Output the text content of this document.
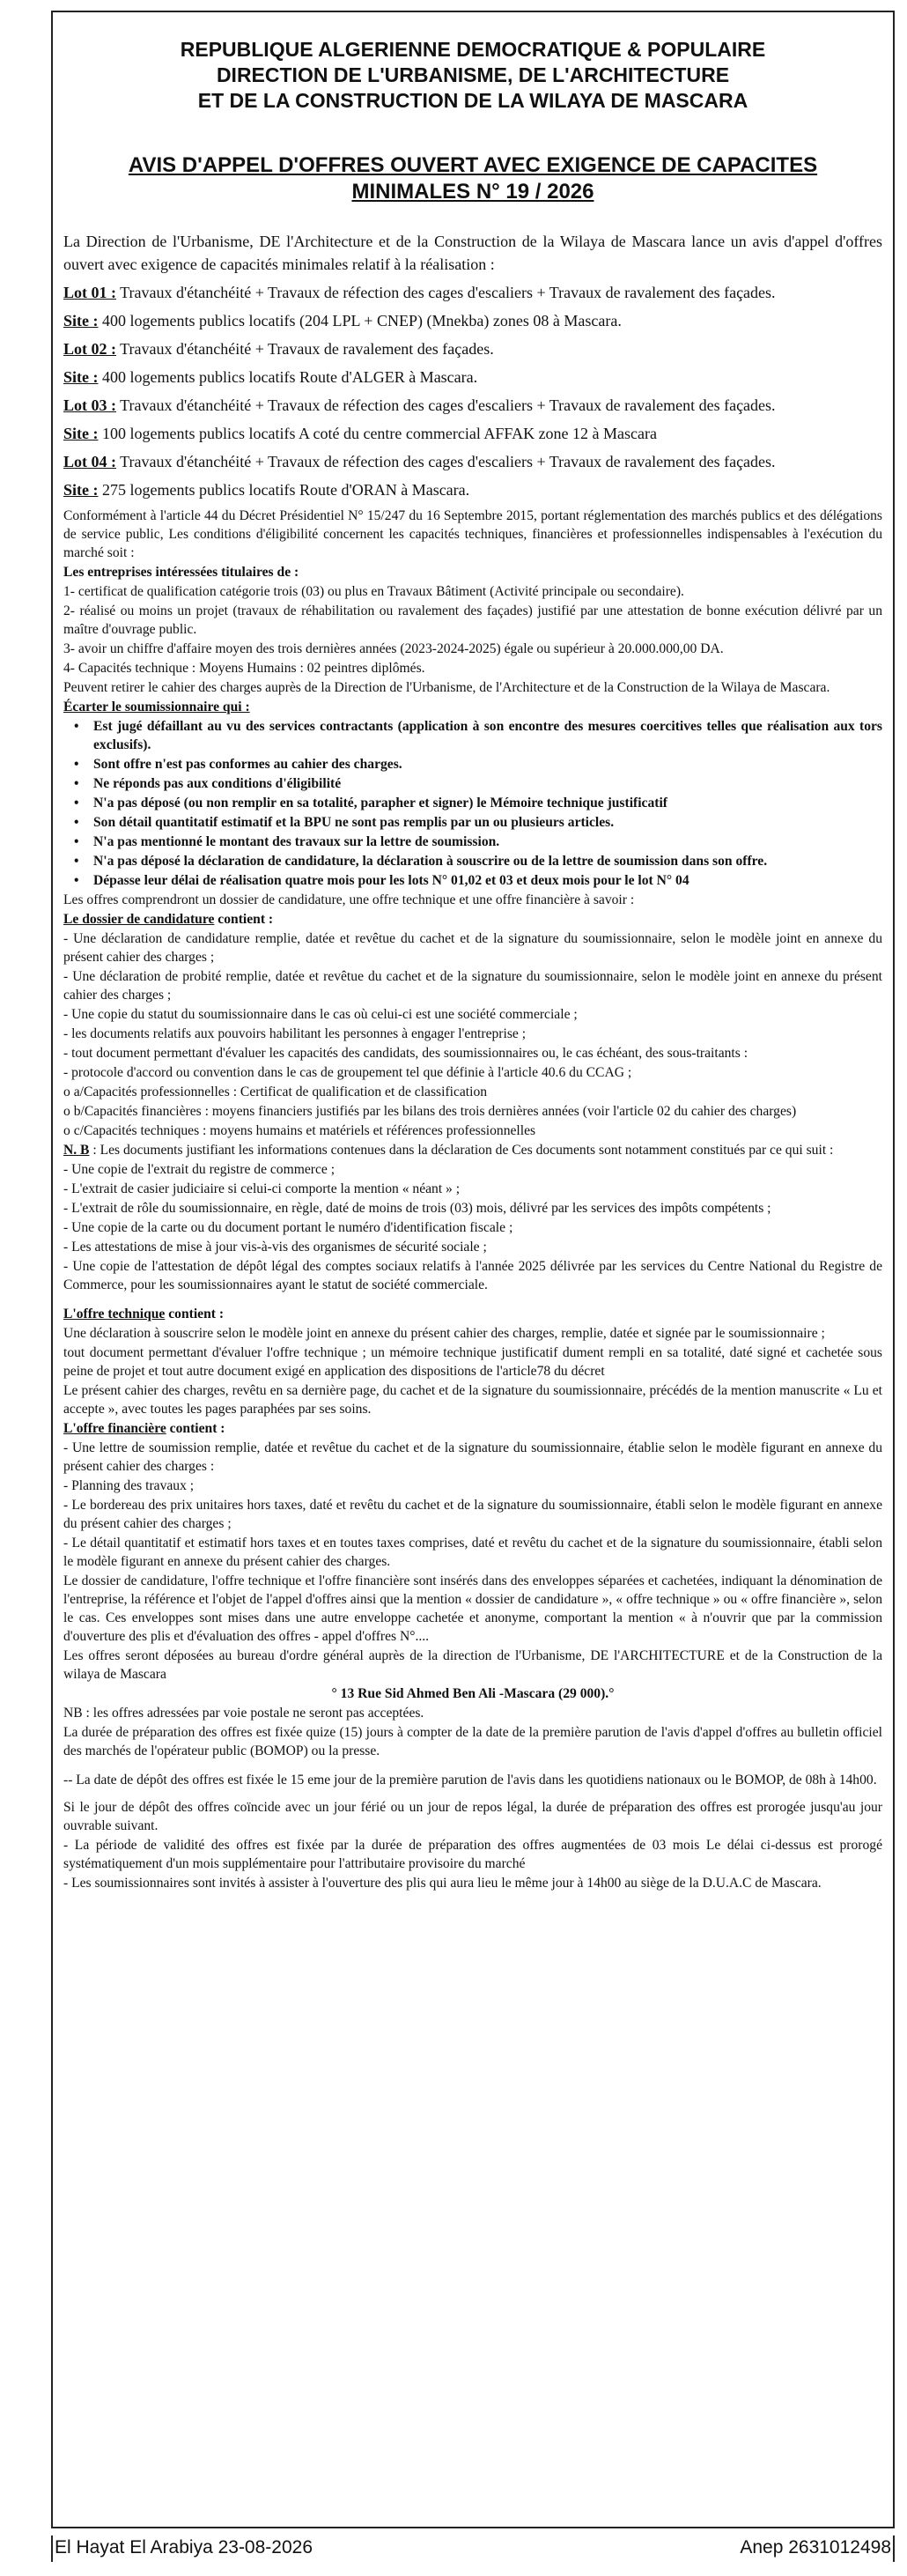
REPUBLIQUE ALGERIENNE DEMOCRATIQUE & POPULAIRE
DIRECTION DE L'URBANISME, DE L'ARCHITECTURE
ET DE LA CONSTRUCTION DE LA WILAYA DE MASCARA
AVIS D'APPEL D'OFFRES OUVERT AVEC EXIGENCE DE CAPACITES
MINIMALES N° 19 / 2026

La Direction de l'Urbanisme, DE l'Architecture et de la Construction de la Wilaya de Mascara lance un avis d'appel d'offres ouvert avec exigence de capacités minimales relatif à la réalisation :

Lot 01 : Travaux d'étanchéité + Travaux de réfection des cages d'escaliers + Travaux de ravalement des façades.
Site : 400 logements publics locatifs (204 LPL + CNEP) (Mnekba) zones 08 à Mascara.
Lot 02 : Travaux d'étanchéité + Travaux de ravalement des façades.
Site : 400 logements publics locatifs Route d'ALGER à Mascara.
Lot 03 : Travaux d'étanchéité + Travaux de réfection des cages d'escaliers + Travaux de ravalement des façades.
Site : 100 logements publics locatifs A coté du centre commercial AFFAK zone 12 à Mascara
Lot 04 : Travaux d'étanchéité + Travaux de réfection des cages d'escaliers + Travaux de ravalement des façades.
Site : 275 logements publics locatifs Route d'ORAN à Mascara.

Conformément à l'article 44 du Décret Présidentiel N° 15/247 du 16 Septembre 2015, portant réglementation des marchés publics et des délégations de service public, Les conditions d'éligibilité concernent les capacités techniques, financières et professionnelles indispensables à l'exécution du marché soit :

Les entreprises intéressées titulaires de :

1- certificat de qualification catégorie trois (03) ou plus en Travaux Bâtiment (Activité principale ou secondaire).

2- réalisé ou moins un projet (travaux de réhabilitation ou ravalement des façades) justifié par une attestation de bonne exécution délivré par un maître d'ouvrage public.

3- avoir un chiffre d'affaire moyen des trois dernières années (2023-2024-2025) égale ou supérieur à 20.000.000,00 DA.

4- Capacités technique : Moyens Humains : 02 peintres diplômés.

Peuvent retirer le cahier des charges auprès de la Direction de l'Urbanisme, de l'Architecture et de la Construction de la Wilaya de Mascara.

Écarter le soumissionnaire qui :

• Est jugé défaillant au vu des services contractants (application à son encontre des mesures coercitives telles que réalisation aux tors exclusifs).

• Sont offre n'est pas conformes au cahier des charges.

• Ne réponds pas aux conditions d'éligibilité

• N'a pas déposé (ou non remplir en sa totalité, parapher et signer) le Mémoire technique justificatif

• Son détail quantitatif estimatif et la BPU ne sont pas remplis par un ou plusieurs articles.

• N'a pas mentionné le montant des travaux sur la lettre de soumission.

• N'a pas déposé la déclaration de candidature, la déclaration à souscrire ou de la lettre de soumission dans son offre.

• Dépasse leur délai de réalisation quatre mois pour les lots N° 01,02 et 03 et deux mois pour le lot N° 04

Les offres comprendront un dossier de candidature, une offre technique et une offre financière à savoir :

Le dossier de candidature contient :

- Une déclaration de candidature remplie, datée et revêtue du cachet et de la signature du soumissionnaire, selon le modèle joint en annexe du présent cahier des charges ;

- Une déclaration de probité remplie, datée et revêtue du cachet et de la signature du soumissionnaire, selon le modèle joint en annexe du présent cahier des charges ;

- Une copie du statut du soumissionnaire dans le cas où celui-ci est une société commerciale ;

- les documents relatifs aux pouvoirs habilitant les personnes à engager l'entreprise ;

- tout document permettant d'évaluer les capacités des candidats, des soumissionnaires ou, le cas échéant, des sous-traitants :

- protocole d'accord ou convention dans le cas de groupement tel que définie à l'article 40.6 du CCAG ;

o a/Capacités professionnelles : Certificat de qualification et de classification

o b/Capacités financières : moyens financiers justifiés par les bilans des trois dernières années (voir l'article 02 du cahier des charges)

o c/Capacités techniques : moyens humains et matériels et références professionnelles

N. B : Les documents justifiant les informations contenues dans la déclaration de Ces documents sont notamment constitués par ce qui suit :

- Une copie de l'extrait du registre de commerce ;

- L'extrait de casier judiciaire si celui-ci comporte la mention « néant » ;

- L'extrait de rôle du soumissionnaire, en règle, daté de moins de trois (03) mois, délivré par les services des impôts compétents ;

- Une copie de la carte ou du document portant le numéro d'identification fiscale ;

- Les attestations de mise à jour vis-à-vis des organismes de sécurité sociale ;

- Une copie de l'attestation de dépôt légal des comptes sociaux relatifs à l'année 2025 délivrée par les services du Centre National du Registre de Commerce, pour les soumissionnaires ayant le statut de société commerciale.

L'offre technique contient :

Une déclaration à souscrire selon le modèle joint en annexe du présent cahier des charges, remplie, datée et signée par le soumissionnaire ;

tout document permettant d'évaluer l'offre technique ; un mémoire technique justificatif dument rempli en sa totalité, daté signé et cachetée sous peine de projet et tout autre document exigé en application des dispositions de l'article78 du décret

Le présent cahier des charges, revêtu en sa dernière page, du cachet et de la signature du soumissionnaire, précédés de la mention manuscrite « Lu et accepte », avec toutes les pages paraphées par ses soins.

L'offre financière contient :

- Une lettre de soumission remplie, datée et revêtue du cachet et de la signature du soumissionnaire, établie selon le modèle figurant en annexe du présent cahier des charges :

- Planning des travaux ;

- Le bordereau des prix unitaires hors taxes, daté et revêtu du cachet et de la signature du soumissionnaire, établi selon le modèle figurant en annexe du présent cahier des charges ;

- Le détail quantitatif et estimatif hors taxes et en toutes taxes comprises, daté et revêtu du cachet et de la signature du soumissionnaire, établi selon le modèle figurant en annexe du présent cahier des charges.

Le dossier de candidature, l'offre technique et l'offre financière sont insérés dans des enveloppes séparées et cachetées, indiquant la dénomination de l'entreprise, la référence et l'objet de l'appel d'offres ainsi que la mention « dossier de candidature », « offre technique » ou « offre financière », selon le cas. Ces enveloppes sont mises dans une autre enveloppe cachetée et anonyme, comportant la mention « à n'ouvrir que par la commission d'ouverture des plis et d'évaluation des offres - appel d'offres N°....

Les offres seront déposées au bureau d'ordre général auprès de la direction de l'Urbanisme, DE l'ARCHITECTURE et de la Construction de la wilaya de Mascara

° 13 Rue Sid Ahmed Ben Ali -Mascara (29 000).°

NB : les offres adressées par voie postale ne seront pas acceptées.

La durée de préparation des offres est fixée quize (15) jours à compter de la date de la première parution de l'avis d'appel d'offres au bulletin officiel des marchés de l'opérateur public (BOMOP) ou la presse.

-- La date de dépôt des offres est fixée le 15 eme jour de la première parution de l'avis dans les quotidiens nationaux ou le BOMOP, de 08h à 14h00.

Si le jour de dépôt des offres coïncide avec un jour férié ou un jour de repos légal, la durée de préparation des offres est prorogée jusqu'au jour ouvrable suivant.

- La période de validité des offres est fixée par la durée de préparation des offres augmentées de 03 mois Le délai ci-dessus est prorogé systématiquement d'un mois supplémentaire pour l'attributaire provisoire du marché

- Les soumissionnaires sont invités à assister à l'ouverture des plis qui aura lieu le même jour à 14h00 au siège de la D.U.A.C de Mascara.

El Hayat El Arabiya 23-08-2026	Anep 2631012498
